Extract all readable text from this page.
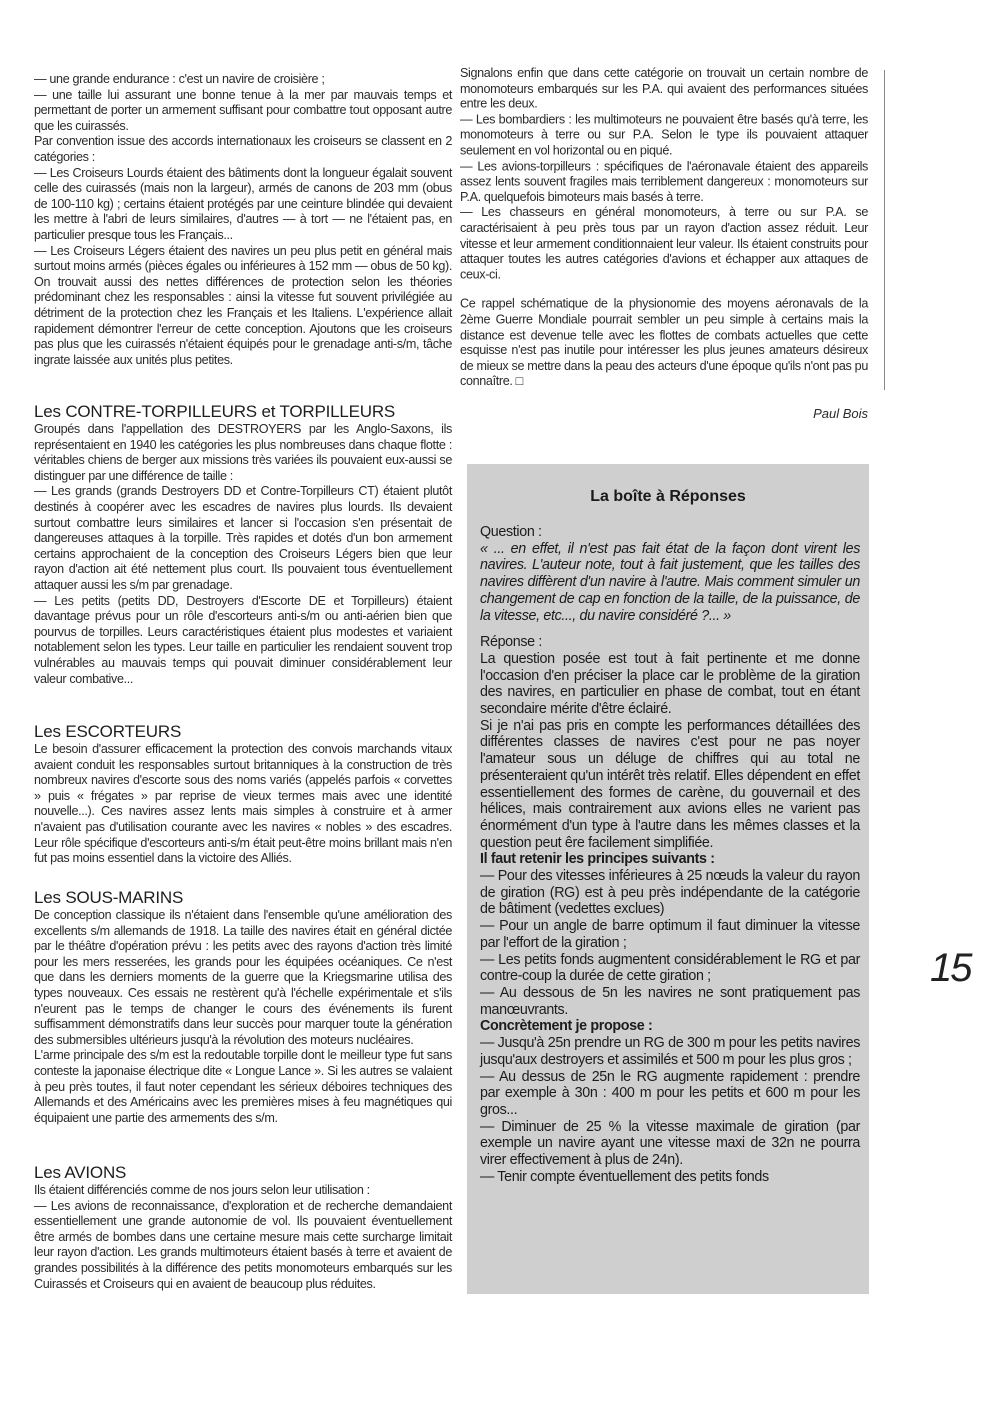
— une grande endurance : c'est un navire de croisière ;

— une taille lui assurant une bonne tenue à la mer par mauvais temps et permettant de porter un armement suffisant pour combattre tout opposant autre que les cuirassés.

Par convention issue des accords internationaux les croiseurs se classent en 2 catégories :

— Les Croiseurs Lourds étaient des bâtiments dont la longueur égalait souvent celle des cuirassés (mais non la largeur), armés de canons de 203 mm (obus de 100-110 kg) ; certains étaient protégés par une ceinture blindée qui devaient les mettre à l'abri de leurs similaires, d'autres — à tort — ne l'étaient pas, en particulier presque tous les Français...

— Les Croiseurs Légers étaient des navires un peu plus petit en général mais surtout moins armés (pièces égales ou inférieures à 152 mm — obus de 50 kg). On trouvait aussi des nettes différences de protection selon les théories prédominant chez les responsables : ainsi la vitesse fut souvent privilégiée au détriment de la protection chez les Français et les Italiens. L'expérience allait rapidement démontrer l'erreur de cette conception. Ajoutons que les croiseurs pas plus que les cuirassés n'étaient équipés pour le grenadage anti-s/m, tâche ingrate laissée aux unités plus petites.

Les CONTRE-TORPILLEURS et TORPILLEURS

Groupés dans l'appellation des DESTROYERS par les Anglo-Saxons, ils représentaient en 1940 les catégories les plus nombreuses dans chaque flotte : véritables chiens de berger aux missions très variées ils pouvaient eux-aussi se distinguer par une différence de taille :

— Les grands (grands Destroyers DD et Contre-Torpilleurs CT) étaient plutôt destinés à coopérer avec les escadres de navires plus lourds. Ils devaient surtout combattre leurs similaires et lancer si l'occasion s'en présentait de dangereuses attaques à la torpille. Très rapides et dotés d'un bon armement certains approchaient de la conception des Croiseurs Légers bien que leur rayon d'action ait été nettement plus court. Ils pouvaient tous éventuellement attaquer aussi les s/m par grenadage.

— Les petits (petits DD, Destroyers d'Escorte DE et Torpilleurs) étaient davantage prévus pour un rôle d'escorteurs anti-s/m ou anti-aérien bien que pourvus de torpilles. Leurs caractéristiques étaient plus modestes et variaient notablement selon les types. Leur taille en particulier les rendaient souvent trop vulnérables au mauvais temps qui pouvait diminuer considérablement leur valeur combative...

Les ESCORTEURS

Le besoin d'assurer efficacement la protection des convois marchands vitaux avaient conduit les responsables surtout britanniques à la construction de très nombreux navires d'escorte sous des noms variés (appelés parfois « corvettes » puis « frégates » par reprise de vieux termes mais avec une identité nouvelle...). Ces navires assez lents mais simples à construire et à armer n'avaient pas d'utilisation courante avec les navires « nobles » des escadres. Leur rôle spécifique d'escorteurs anti-s/m était peut-être moins brillant mais n'en fut pas moins essentiel dans la victoire des Alliés.

Les SOUS-MARINS

De conception classique ils n'étaient dans l'ensemble qu'une amélioration des excellents s/m allemands de 1918. La taille des navires était en général dictée par le théâtre d'opération prévu : les petits avec des rayons d'action très limité pour les mers resserées, les grands pour les équipées océaniques. Ce n'est que dans les derniers moments de la guerre que la Kriegsmarine utilisa des types nouveaux. Ces essais ne restèrent qu'à l'échelle expérimentale et s'ils n'eurent pas le temps de changer le cours des événements ils furent suffisamment démonstratifs dans leur succès pour marquer toute la génération des submersibles ultérieurs jusqu'à la révolution des moteurs nucléaires.

L'arme principale des s/m est la redoutable torpille dont le meilleur type fut sans conteste la japonaise électrique dite « Longue Lance ». Si les autres se valaient à peu près toutes, il faut noter cependant les sérieux déboires techniques des Allemands et des Américains avec les premières mises à feu magnétiques qui équipaient une partie des armements des s/m.

Les AVIONS

Ils étaient différenciés comme de nos jours selon leur utilisation :

— Les avions de reconnaissance, d'exploration et de recherche demandaient essentiellement une grande autonomie de vol. Ils pouvaient éventuellement être armés de bombes dans une certaine mesure mais cette surcharge limitait leur rayon d'action. Les grands multimoteurs étaient basés à terre et avaient de grandes possibilités à la différence des petits monomoteurs embarqués sur les Cuirassés et Croiseurs qui en avaient de beaucoup plus réduites.

Signalons enfin que dans cette catégorie on trouvait un certain nombre de monomoteurs embarqués sur les P.A. qui avaient des performances situées entre les deux.

— Les bombardiers : les multimoteurs ne pouvaient être basés qu'à terre, les monomoteurs à terre ou sur P.A. Selon le type ils pouvaient attaquer seulement en vol horizontal ou en piqué.

— Les avions-torpilleurs : spécifiques de l'aéronavale étaient des appareils assez lents souvent fragiles mais terriblement dangereux : monomoteurs sur P.A. quelquefois bimoteurs mais basés à terre.

— Les chasseurs en général monomoteurs, à terre ou sur P.A. se caractérisaient à peu près tous par un rayon d'action assez réduit. Leur vitesse et leur armement conditionnaient leur valeur. Ils étaient construits pour attaquer toutes les autres catégories d'avions et échapper aux attaques de ceux-ci.

Ce rappel schématique de la physionomie des moyens aéronavals de la 2ème Guerre Mondiale pourrait sembler un peu simple à certains mais la distance est devenue telle avec les flottes de combats actuelles que cette esquisse n'est pas inutile pour intéresser les plus jeunes amateurs désireux de mieux se mettre dans la peau des acteurs d'une époque qu'ils n'ont pas pu connaître. □

Paul Bois
La boîte à Réponses

Question :

« ... en effet, il n'est pas fait état de la façon dont virent les navires. L'auteur note, tout à fait justement, que les tailles des navires diffèrent d'un navire à l'autre. Mais comment simuler un changement de cap en fonction de la taille, de la puissance, de la vitesse, etc..., du navire considéré ?... »

Réponse :

La question posée est tout à fait pertinente et me donne l'occasion d'en préciser la place car le problème de la giration des navires, en particulier en phase de combat, tout en étant secondaire mérite d'être éclairé.

Si je n'ai pas pris en compte les performances détaillées des différentes classes de navires c'est pour ne pas noyer l'amateur sous un déluge de chiffres qui au total ne présenteraient qu'un intérêt très relatif. Elles dépendent en effet essentiellement des formes de carène, du gouvernail et des hélices, mais contrairement aux avions elles ne varient pas énormément d'un type à l'autre dans les mêmes classes et la question peut êre facilement simplifiée.

Il faut retenir les principes suivants :

— Pour des vitesses inférieures à 25 nœuds la valeur du rayon de giration (RG) est à peu près indépendante de la catégorie de bâtiment (vedettes exclues)

— Pour un angle de barre optimum il faut diminuer la vitesse par l'effort de la giration ;

— Les petits fonds augmentent considérablement le RG et par contre-coup la durée de cette giration ;

— Au dessous de 5n les navires ne sont pratiquement pas manœuvrants.

Concrètement je propose :

— Jusqu'à 25n prendre un RG de 300 m pour les petits navires jusqu'aux destroyers et assimilés et 500 m pour les plus gros ;

— Au dessus de 25n le RG augmente rapidement : prendre par exemple à 30n : 400 m pour les petits et 600 m pour les gros...

— Diminuer de 25 % la vitesse maximale de giration (par exemple un navire ayant une vitesse maxi de 32n ne pourra virer effectivement à plus de 24n).

— Tenir compte éventuellement des petits fonds

15
